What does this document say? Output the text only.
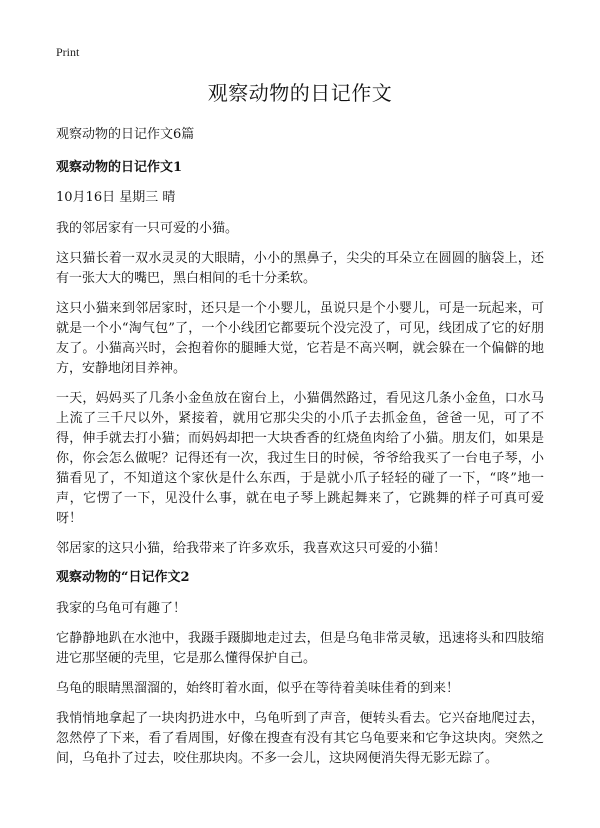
Print

观察动物的日记作文

观察动物的日记作文6篇

观察动物的日记作文1

10月16日 星期三 晴

我的邻居家有一只可爱的小猫。

这只猫长着一双水灵灵的大眼睛，小小的黑鼻子，尖尖的耳朵立在圆圆的脑袋上，还有一张大大的嘴巴，黑白相间的毛十分柔软。

这只小猫来到邻居家时，还只是一个小婴儿，虽说只是个小婴儿，可是一玩起来，可就是一个小“淘气包”了，一个小线团它都要玩个没完没了，可见，线团成了它的好朋友了。小猫高兴时，会抱着你的腿睡大觉，它若是不高兴啊，就会躲在一个偏僻的地方，安静地闭目养神。

一天，妈妈买了几条小金鱼放在窗台上，小猫偶然路过，看见这几条小金鱼，口水马上流了三千尺以外，紧接着，就用它那尖尖的小爪子去抓金鱼，爸爸一见，可了不得，伸手就去打小猫；而妈妈却把一大块香香的红烧鱼肉给了小猫。朋友们，如果是你，你会怎么做呢？记得还有一次，我过生日的时候，爷爷给我买了一台电子琴，小猫看见了，不知道这个家伙是什么东西，于是就小爪子轻轻的碰了一下，“咚”地一声，它愣了一下，见没什么事，就在电子琴上跳起舞来了，它跳舞的样子可真可爱呀！

邻居家的这只小猫，给我带来了许多欢乐，我喜欢这只可爱的小猫！

观察动物的“日记作文2

我家的乌龟可有趣了！

它静静地趴在水池中，我蹑手蹑脚地走过去，但是乌龟非常灵敏，迅速将头和四肢缩进它那坚硬的壳里，它是那么懂得保护自己。

乌龟的眼睛黑溜溜的，始终盯着水面，似乎在等待着美味佳肴的到来！

我悄悄地拿起了一块肉扔进水中，乌龟听到了声音，便转头看去。它兴奋地爬过去，忽然停了下来，看了看周围，好像在搜查有没有其它乌龟要来和它争这块肉。突然之间，乌龟扑了过去，咬住那块肉。不多一会儿，这块网便消失得无影无踪了。
